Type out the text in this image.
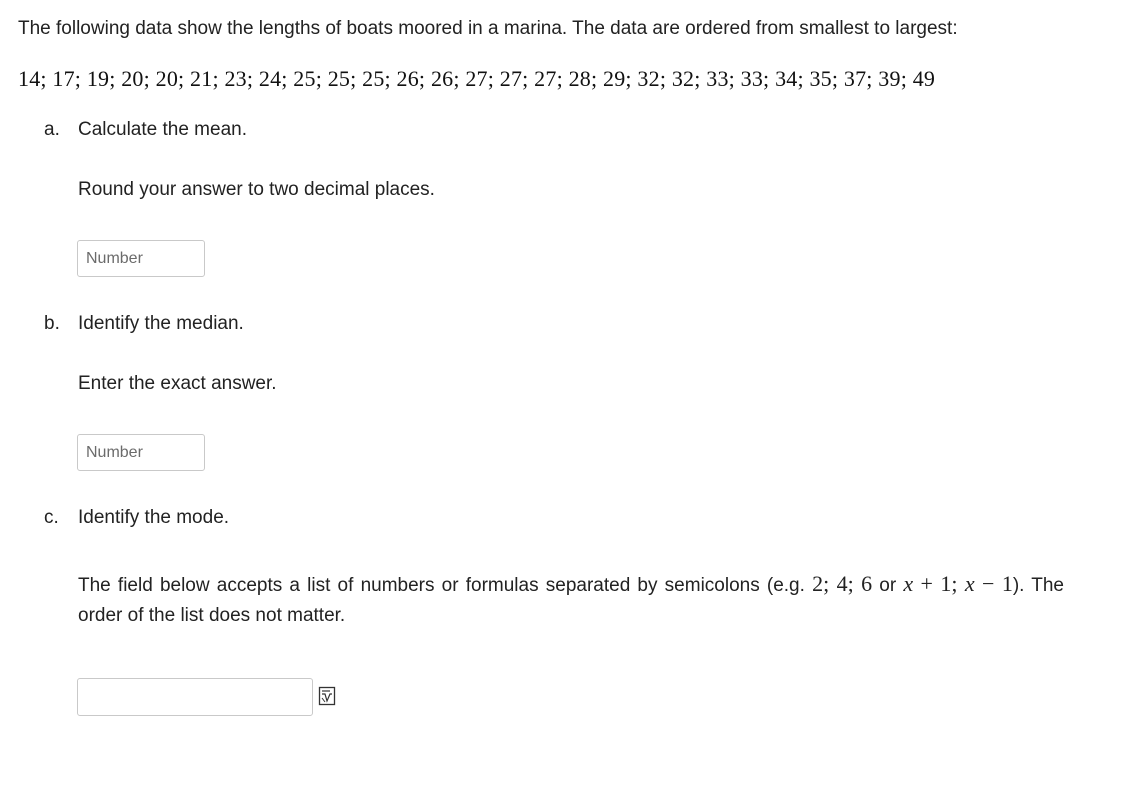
The following data show the lengths of boats moored in a marina. The data are ordered from smallest to largest:

14; 17; 19; 20; 20; 21; 23; 24; 25; 25; 25; 26; 26; 27; 27; 27; 28; 29; 32; 32; 33; 33; 34; 35; 37; 39; 49

a. Calculate the mean.

Round your answer to two decimal places.

Number

b. Identify the median.

Enter the exact answer.

Number

c. Identify the mode.

The field below accepts a list of numbers or formulas separated by semicolons (e.g. 2; 4; 6 or x + 1; x − 1). The order of the list does not matter.
